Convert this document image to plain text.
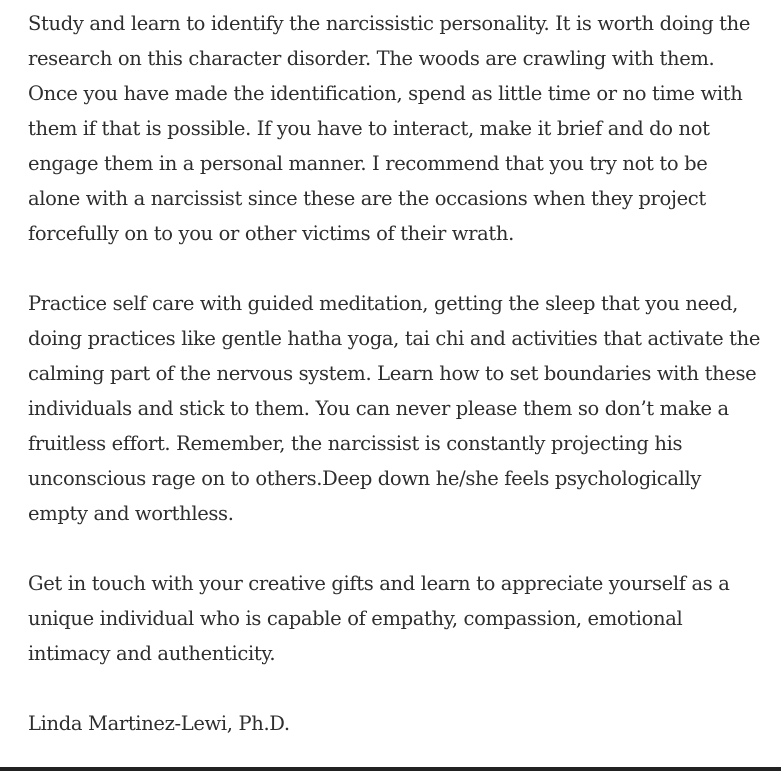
Study and learn to identify the narcissistic personality. It is worth doing the
research on this character disorder. The woods are crawling with them.
Once you have made the identification, spend as little time or no time with
them if that is possible. If you have to interact, make it brief and do not
engage them in a personal manner. I recommend that you try not to be
alone with a narcissist since these are the occasions when they project
forcefully on to you or other victims of their wrath.

Practice self care with guided meditation, getting the sleep that you need,
doing practices like gentle hatha yoga, tai chi and activities that activate the
calming part of the nervous system. Learn how to set boundaries with these
individuals and stick to them. You can never please them so don’t make a
fruitless effort. Remember, the narcissist is constantly projecting his
unconscious rage on to others.Deep down he/she feels psychologically
empty and worthless.

Get in touch with your creative gifts and learn to appreciate yourself as a
unique individual who is capable of empathy, compassion, emotional
intimacy and authenticity.

Linda Martinez-Lewi, Ph.D.
